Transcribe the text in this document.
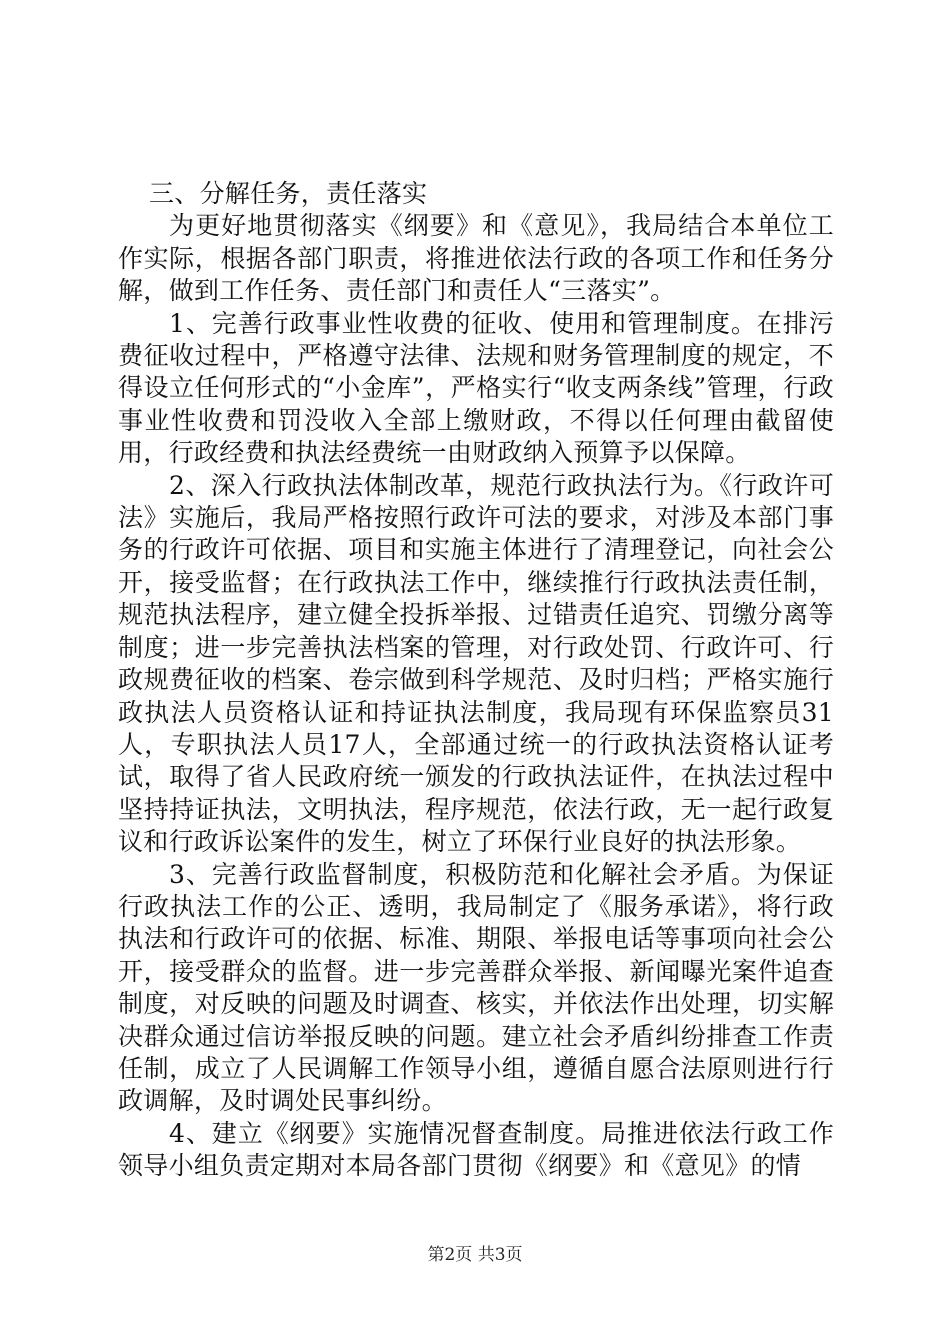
三、分解任务，责任落实

为更好地贯彻落实《纲要》和《意见》，我局结合本单位工作实际，根据各部门职责，将推进依法行政的各项工作和任务分解，做到工作任务、责任部门和责任人“三落实”。

1、完善行政事业性收费的征收、使用和管理制度。在排污费征收过程中，严格遵守法律、法规和财务管理制度的规定，不得设立任何形式的“小金库”，严格实行“收支两条线”管理，行政事业性收费和罚没收入全部上缴财政，不得以任何理由截留使用，行政经费和执法经费统一由财政纳入预算予以保障。

2、深入行政执法体制改革，规范行政执法行为。《行政许可法》实施后，我局严格按照行政许可法的要求，对涉及本部门事务的行政许可依据、项目和实施主体进行了清理登记，向社会公开，接受监督；在行政执法工作中，继续推行行政执法责任制，规范执法程序，建立健全投拆举报、过错责任追究、罚缴分离等制度；进一步完善执法档案的管理，对行政处罚、行政许可、行政规费征收的档案、卷宗做到科学规范、及时归档；严格实施行政执法人员资格认证和持证执法制度，我局现有环保监察员31人，专职执法人员17人，全部通过统一的行政执法资格认证考试，取得了省人民政府统一颁发的行政执法证件，在执法过程中坚持持证执法，文明执法，程序规范，依法行政，无一起行政复议和行政诉讼案件的发生，树立了环保行业良好的执法形象。

3、完善行政监督制度，积极防范和化解社会矛盾。为保证行政执法工作的公正、透明，我局制定了《服务承诺》，将行政执法和行政许可的依据、标准、期限、举报电话等事项向社会公开，接受群众的监督。进一步完善群众举报、新闻曝光案件追查制度，对反映的问题及时调查、核实，并依法作出处理，切实解决群众通过信访举报反映的问题。建立社会矛盾纠纷排查工作责任制，成立了人民调解工作领导小组，遵循自愿合法原则进行行政调解，及时调处民事纠纷。

4、建立《纲要》实施情况督查制度。局推进依法行政工作领导小组负责定期对本局各部门贯彻《纲要》和《意见》的情

第2页 共3页
